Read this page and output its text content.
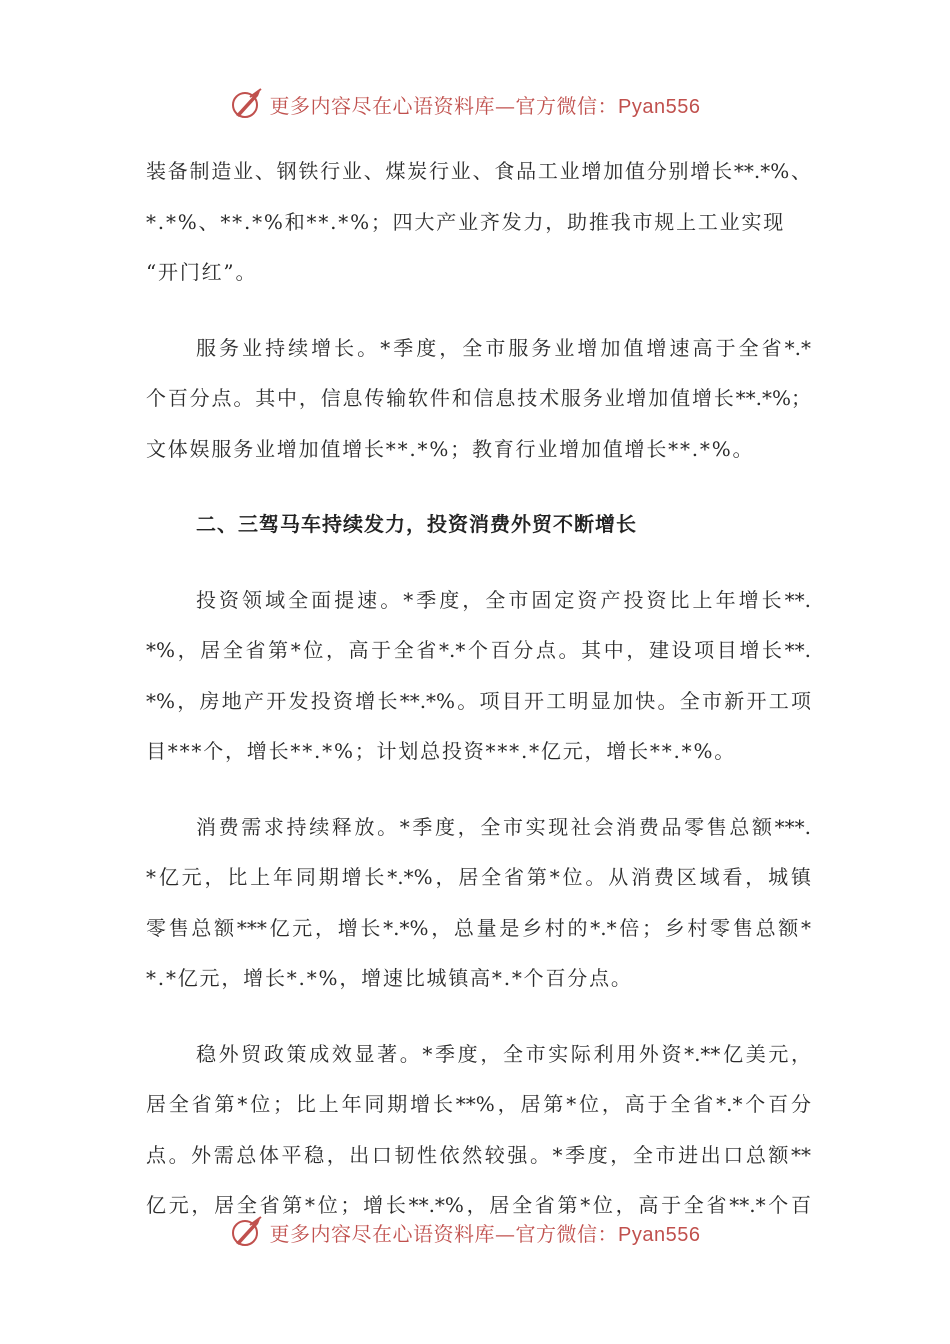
更多内容尽在心语资料库—官方微信：Pyan556
装备制造业、钢铁行业、煤炭行业、食品工业增加值分别增长**.*%、
*.*%、**.*%和**.*%；四大产业齐发力，助推我市规上工业实现
“开门红”。
服务业持续增长。*季度，全市服务业增加值增速高于全省*.*
个百分点。其中，信息传输软件和信息技术服务业增加值增长**.*%；
文体娱服务业增加值增长**.*%；教育行业增加值增长**.*%。
二、三驾马车持续发力，投资消费外贸不断增长
投资领域全面提速。*季度，全市固定资产投资比上年增长**.
*%，居全省第*位，高于全省*.*个百分点。其中，建设项目增长**.
*%，房地产开发投资增长**.*%。项目开工明显加快。全市新开工项
目***个，增长**.*%；计划总投资***.*亿元，增长**.*%。
消费需求持续释放。*季度，全市实现社会消费品零售总额***.
*亿元，比上年同期增长*.*%，居全省第*位。从消费区域看，城镇
零售总额***亿元，增长*.*%，总量是乡村的*.*倍；乡村零售总额*
*.*亿元，增长*.*%，增速比城镇高*.*个百分点。
稳外贸政策成效显著。*季度，全市实际利用外资*.**亿美元，
居全省第*位；比上年同期增长**%，居第*位，高于全省*.*个百分
点。外需总体平稳，出口韧性依然较强。*季度，全市进出口总额**
亿元，居全省第*位；增长**.*%，居全省第*位，高于全省**.*个百
更多内容尽在心语资料库—官方微信：Pyan556
